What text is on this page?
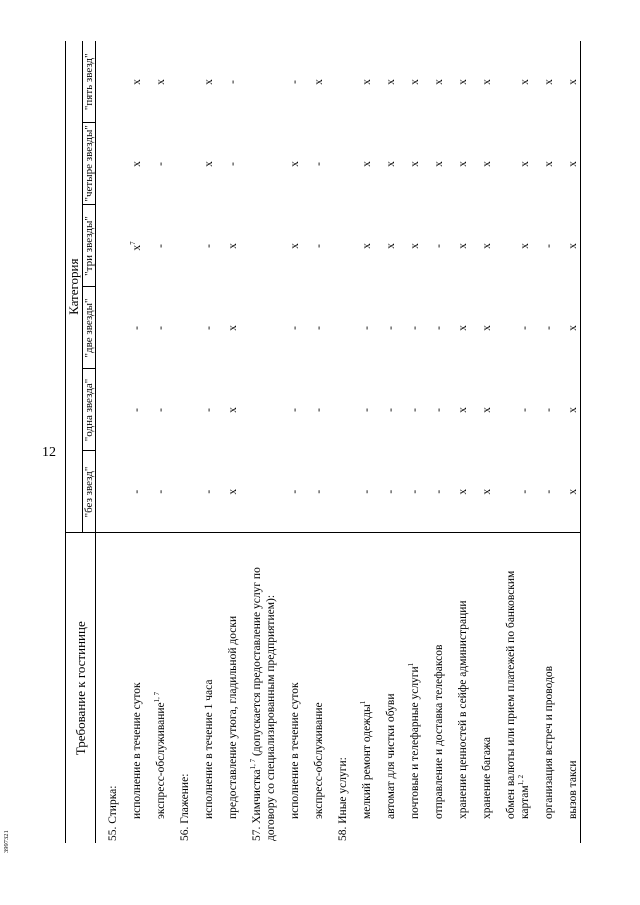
12
3997321
Требование к гостинице	Категория					
	"без звезд"	"одна звезда"	"две звезды"	"три звезды"	"четыре звезды"	"пять звезд"
55. Стирка:						
исполнение в течение суток	-	-	-	$x^7$	x	x
экспресс-обслуживание$^{1, 7}$	-	-	-	-	-	x
56. Глажение:						
исполнение в течение 1 часа	-	-	-	-	x	x
предоставление утюга, гладильной доски	x	x	x	x	-	-
57. Химчистка$^{1, 7}$ (допускается предоставление услуг по договору со специализированным предприятием):						
исполнение в течение суток	-	-	-	x	x	-
экспресс-обслуживание	-	-	-	-	-	x
58. Иные услуги:						
мелкий ремонт одежды$^1$	-	-	-	x	x	x
автомат для чистки обуви	-	-	-	x	x	x
почтовые и телефарные услуги$^1$	-	-	-	x	x	x
отправление и доставка телефаксов	-	-	-	-	x	x
хранение ценностей в сейфе администрации	x	x	x	x	x	x
хранение багажа	x	x	x	x	x	x
обмен валюты или прием платежей по банковским картам$^{1, 2}$	-	-	-	x	x	x
организация встреч и проводов	-	-	-	-	x	x
вызов такси	x	x	x	x	x	x
